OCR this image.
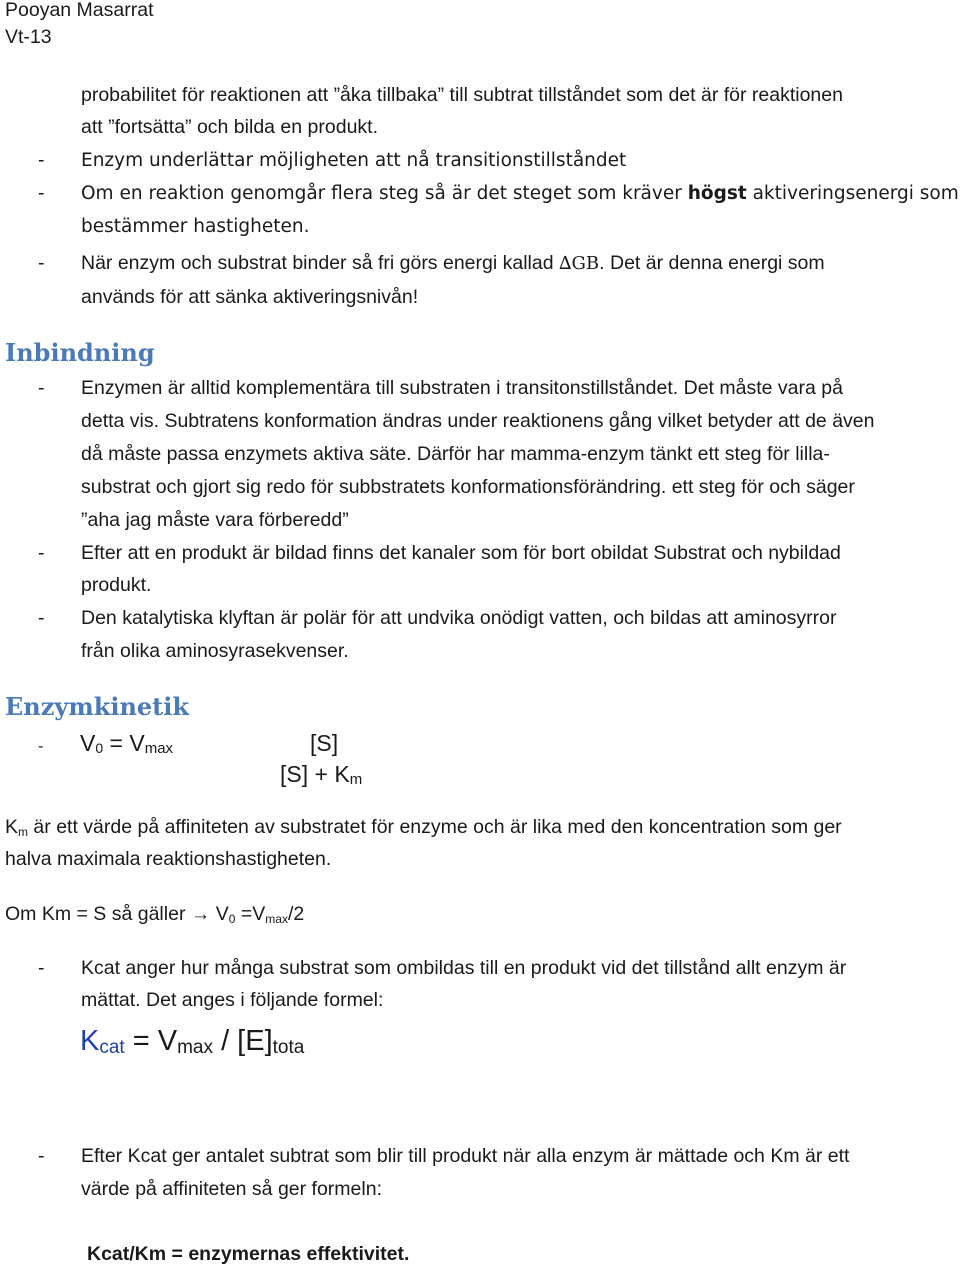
Pooyan Masarrat
Vt-13
probabilitet för reaktionen att ”åka tillbaka” till subtrat tillståndet som det är för reaktionen
att ”fortsätta” och bilda en produkt.
-	Enzym underlättar möjligheten att nå transitionstillståndet
-	Om en reaktion genomgår flera steg så är det steget som kräver högst aktiveringsenergi som
bestämmer hastigheten.
-	När enzym och substrat binder så fri görs energi kallad ∆GB. Det är denna energi som
används för att sänka aktiveringsnivån!
Inbindning
-	Enzymen är alltid komplementära till substraten i transitonstillståndet. Det måste vara på
detta vis. Subtratens konformation ändras under reaktionens gång vilket betyder att de även
då måste passa enzymets aktiva säte. Därför har mamma-enzym tänkt ett steg för lilla-
substrat och gjort sig redo för subbstratets konformationsförändring. ett steg för och säger
”aha jag måste vara förberedd”
-	Efter att en produkt är bildad finns det kanaler som för bort obildat Substrat och nybildad
produkt.
-	Den katalytiska klyftan är polär för att undvika onödigt vatten, och bildas att aminosyrror
från olika aminosyrasekvenser.
Enzymkinetik
- V0 = Vmax	[S]
[S] + Km
$K_m$ är ett värde på affiniteten av substratet för enzyme och är lika med den koncentration som ger
halva maximala reaktionshastigheten.
Om Km = S så gäller → $V_0 =V_{max}/2$
-	Kcat anger hur många substrat som ombildas till en produkt vid det tillstånd allt enzym är
mättat. Det anges i följande formel:
Kcat = Vmax / [E]tota
-	Efter Kcat ger antalet subtrat som blir till produkt när alla enzym är mättade och Km är ett
värde på affiniteten så ger formeln:
Kcat/Km = enzymernas effektivitet.
